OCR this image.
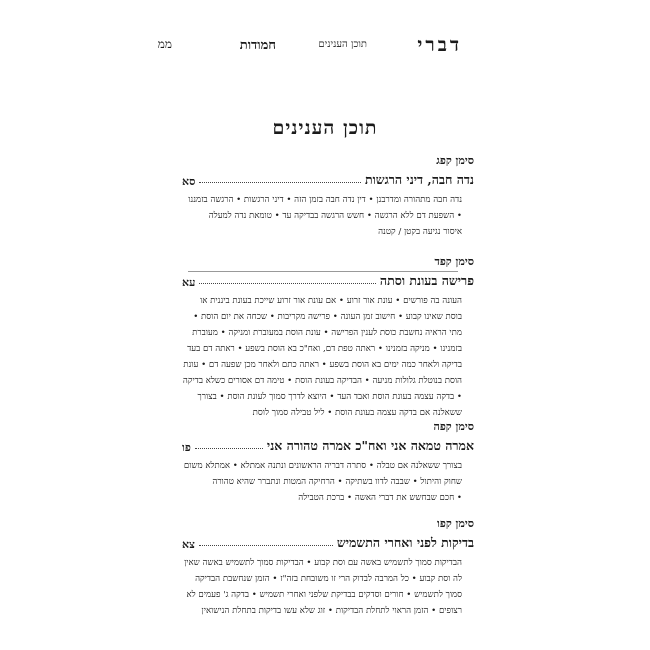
דברי
תוכן הענינים
חמודות
ממ
תוכן הענינים
סימן קפג
נדה חבה, דיני הרגשות
סא
נדה חבה מתהורה ומדרבנן • דין נדה חבה בזמן הזה • דיני הרגשות • הרגשה בזמננו
• השפעת דם ללא הרגשה • חשש הרגשה בבדיקה עד • טומאת נדה למעלה
איסור נגיעה בקטן / קטנה
סימן קפד
פרישה בעונת וסתה
עא
העונה בה פורשים • עונת אור זרוע • אם עונת אור זרוע שייכת בעונת ביננית או
בוסת שאינו קבוע • חישוב זמן העונה • פרישה מקריבות • שכחה את יום הוסת •
מתי הראיה נחשבת כוסת לענין הפרישה • עונת הוסת במעוברת ומניקה • מעוברת
בזמנינו • מניקה בזמנינו • ראתה טפת דם, ואח"כ בא הוסת בשפע • ראתה דם בעד
בדיקה ולאחר כמה ימים בא הוסת בשפע • ראתה כתם ולאחר מכן שפעה דם • עונת
הוסת בנוטלת גלולות מניעה • הבדיקה בעונת הוסת • טימה דם אסורים כשלא בדיקה
• בדקה עצמה בעונת הוסת ואבד העד • היוצא לדרך סמוך לעונת הוסת • בצורך
ששאלנה אם בדקה עצמה בעונת הוסת • ליל טבילה סמוך לוסת
סימן קפה
אמרה טמאה אני ואח"כ אמרה טהורה אני
פו
בצורך ששאלנה אם טבלה • סתרה דבריה הראשונים ונתנה אמתלא • אמתלא משום
שחוק והיתול • שבבה לדוו בשתיקה • הרחיקה המטות ונתברר שהיא טהורה
• חכם שבחשש את דברי האשה • ברכת הטבילה
סימן קפו
בדיקות לפני ואחרי התשמיש
צא
הבדיקות סמוך לתשמיש באשה עם וסת קבוע • הבדיקות סמוך לתשמיש באשה שאין
לה וסת קבוע • כל המרבה לבדוק הרי זו משובחת בזה"ז • הזמן שנחשבת הבדיקה
סמוך לתשמיש • חורים וסדקים בבדיקת שלפני ואחרי תשמיש • בדקה ג' פעמים לא
רצופים • הזמן הראוי לתחלת הבדיקות • זוג שלא עשו בדיקות בתחלת הנישואין
